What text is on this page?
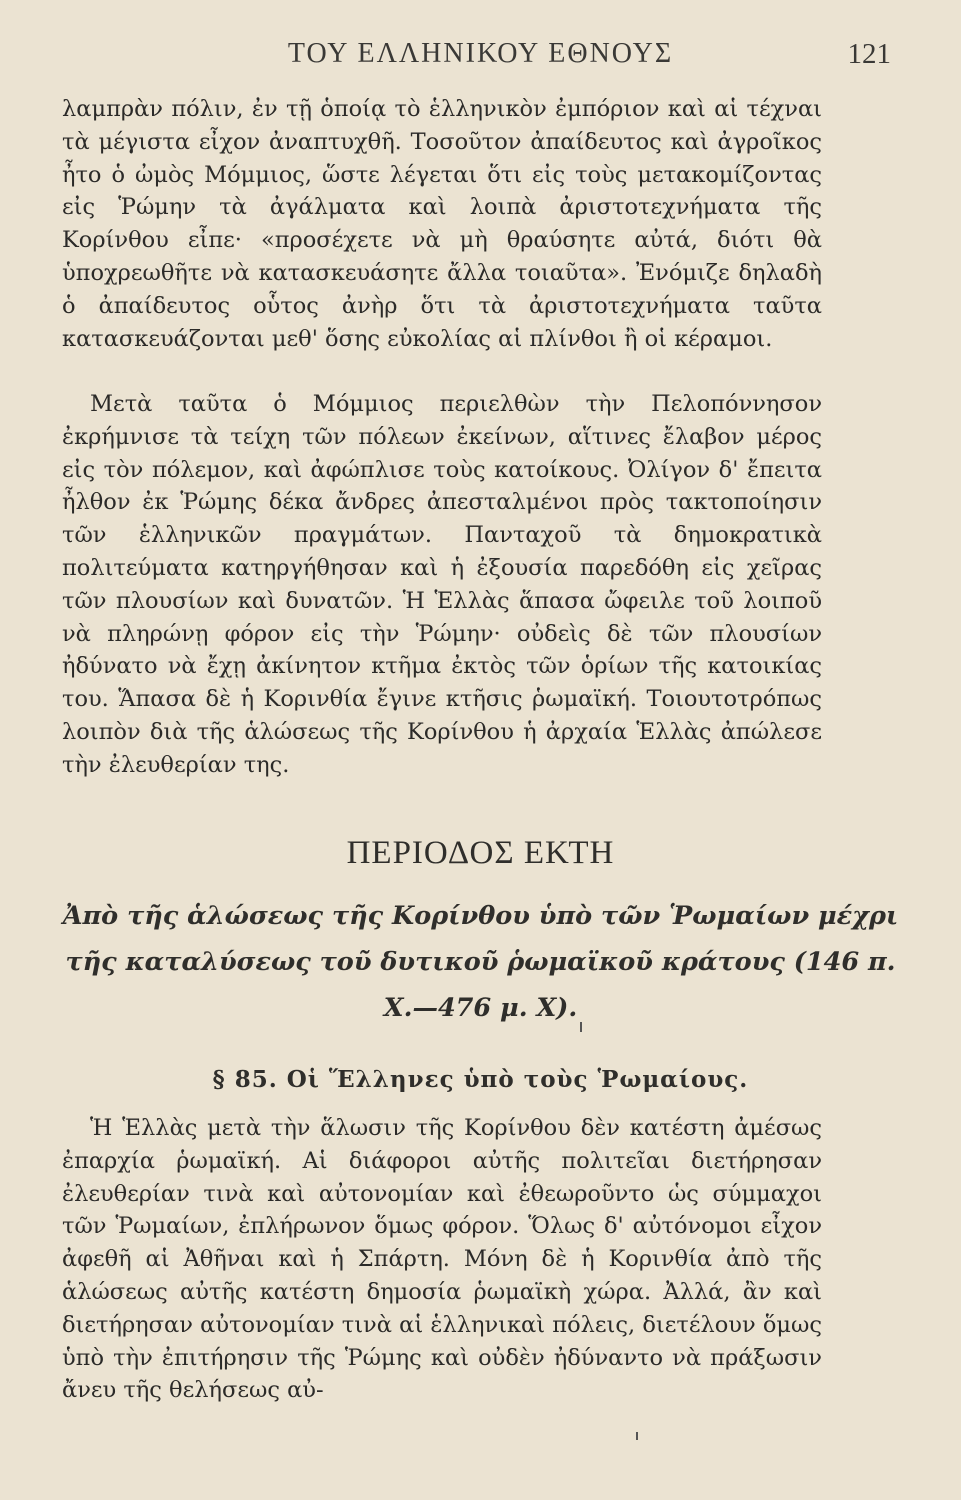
ΤΟΥ ΕΛΛΗΝΙΚΟΥ ΕΘΝΟΥΣ	121

λαμπρὰν πόλιν, ἐν τῇ ὁποίᾳ τὸ ἑλληνικὸν ἐμπόριον καὶ αἱ τέχναι τὰ μέγιστα εἶχον ἀναπτυχθῆ. Τοσοῦτον ἀπαίδευτος καὶ ἀγροῖκος ἦτο ὁ ὠμὸς Μόμμιος, ὥστε λέγεται ὅτι εἰς τοὺς μετακομίζοντας εἰς Ῥώμην τὰ ἀγάλματα καὶ λοιπὰ ἀριστοτεχνήματα τῆς Κορίνθου εἶπε· «προσέχετε νὰ μὴ θραύσητε αὐτά, διότι θὰ ὑποχρεωθῆτε νὰ κατασκευάσητε ἄλλα τοιαῦτα». Ἐνόμιζε δηλαδὴ ὁ ἀπαίδευτος οὗτος ἀνὴρ ὅτι τὰ ἀριστοτεχνήματα ταῦτα κατασκευάζονται μεθ' ὅσης εὐκολίας αἱ πλίνθοι ἢ οἱ κέραμοι.

Μετὰ ταῦτα ὁ Μόμμιος περιελθὼν τὴν Πελοπόννησον ἐκρήμνισε τὰ τείχη τῶν πόλεων ἐκείνων, αἵτινες ἔλαβον μέρος εἰς τὸν πόλεμον, καὶ ἀφώπλισε τοὺς κατοίκους. Ὀλίγον δ' ἔπειτα ἦλθον ἐκ Ῥώμης δέκα ἄνδρες ἀπεσταλμένοι πρὸς τακτοποίησιν τῶν ἑλληνικῶν πραγμάτων. Πανταχοῦ τὰ δημοκρατικὰ πολιτεύματα κατηργήθησαν καὶ ἡ ἐξουσία παρεδόθη εἰς χεῖρας τῶν πλουσίων καὶ δυνατῶν. Ἡ Ἑλλὰς ἅπασα ὤφειλε τοῦ λοιποῦ νὰ πληρώνῃ φόρον εἰς τὴν Ῥώμην· οὐδεὶς δὲ τῶν πλουσίων ἠδύνατο νὰ ἔχῃ ἀκίνητον κτῆμα ἐκτὸς τῶν ὁρίων τῆς κατοικίας του. Ἅπασα δὲ ἡ Κορινθία ἔγινε κτῆσις ῥωμαϊκή. Τοιουτοτρόπως λοιπὸν διὰ τῆς ἁλώσεως τῆς Κορίνθου ἡ ἀρχαία Ἑλλὰς ἀπώλεσε τὴν ἐλευθερίαν της.

ΠΕΡΙΟΔΟΣ ΕΚΤΗ
Ἀπὸ τῆς ἁλώσεως τῆς Κορίνθου ὑπὸ τῶν Ῥωμαίων μέχρι τῆς καταλύσεως τοῦ δυτικοῦ ῥωμαϊκοῦ κράτους (146 π. Χ.—476 μ. Χ).
§ 85. Οἱ Ἕλληνες ὑπὸ τοὺς Ῥωμαίους.

Ἡ Ἑλλὰς μετὰ τὴν ἅλωσιν τῆς Κορίνθου δὲν κατέστη ἀμέσως ἐπαρχία ῥωμαϊκή. Αἱ διάφοροι αὐτῆς πολιτεῖαι διετήρησαν ἐλευθερίαν τινὰ καὶ αὐτονομίαν καὶ ἐθεωροῦντο ὡς σύμμαχοι τῶν Ῥωμαίων, ἐπλήρωνον ὅμως φόρον. Ὅλως δ' αὐτόνομοι εἶχον ἀφεθῆ αἱ Ἀθῆναι καὶ ἡ Σπάρτη. Μόνη δὲ ἡ Κορινθία ἀπὸ τῆς ἁλώσεως αὐτῆς κατέστη δημοσία ῥωμαϊκὴ χώρα. Ἀλλά, ἂν καὶ διετήρησαν αὐτονομίαν τινὰ αἱ ἑλληνικαὶ πόλεις, διετέλουν ὅμως ὑπὸ τὴν ἐπιτήρησιν τῆς Ῥώμης καὶ οὐδὲν ἠδύναντο νὰ πράξωσιν ἄνευ τῆς θελήσεως αὐ-
